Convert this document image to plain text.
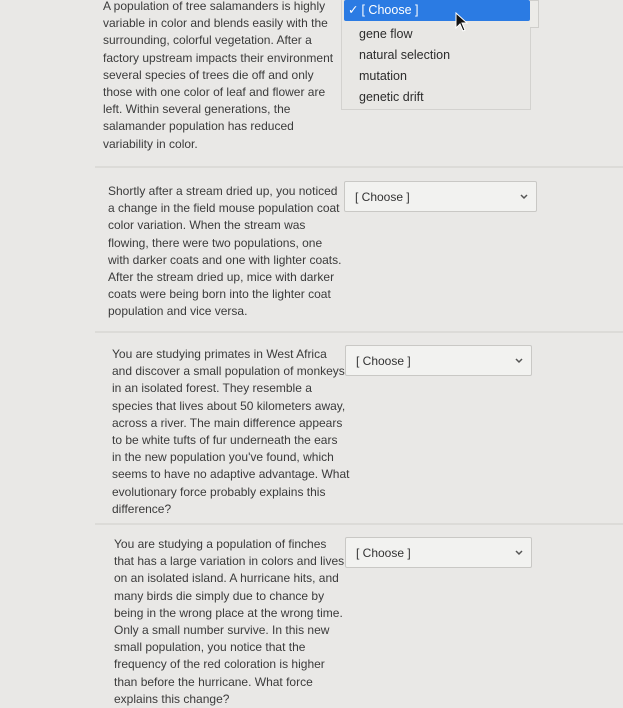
A population of tree salamanders is highly
variable in color and blends easily with the
surrounding, colorful vegetation. After a
factory upstream impacts their environment
several species of trees die off and only
those with one color of leaf and flower are
left. Within several generations, the
salamander population has reduced
variability in color.

✓ [ Choose ]
gene flow
natural selection
mutation
genetic drift

Shortly after a stream dried up, you noticed
a change in the field mouse population coat
color variation. When the stream was
flowing, there were two populations, one
with darker coats and one with lighter coats.
After the stream dried up, mice with darker
coats were being born into the lighter coat
population and vice versa.

[ Choose ]

You are studying primates in West Africa
and discover a small population of monkeys
in an isolated forest. They resemble a
species that lives about 50 kilometers away,
across a river. The main difference appears
to be white tufts of fur underneath the ears
in the new population you've found, which
seems to have no adaptive advantage. What
evolutionary force probably explains this
difference?

[ Choose ]

You are studying a population of finches
that has a large variation in colors and lives
on an isolated island. A hurricane hits, and
many birds die simply due to chance by
being in the wrong place at the wrong time.
Only a small number survive. In this new
small population, you notice that the
frequency of the red coloration is higher
than before the hurricane. What force
explains this change?

[ Choose ]
